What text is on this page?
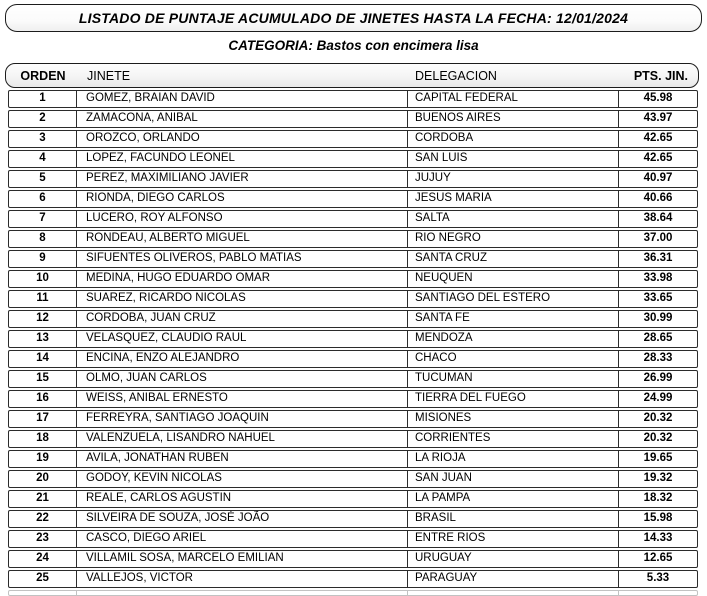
LISTADO DE PUNTAJE ACUMULADO DE JINETES HASTA LA FECHA: 12/01/2024
CATEGORIA: Bastos con encimera lisa
ORDEN	JINETE	DELEGACION	PTS. JIN.
1	GOMEZ, BRAIAN DAVID	CAPITAL FEDERAL	45.98
2	ZAMACONA, ANIBAL	BUENOS AIRES	43.97
3	OROZCO, ORLANDO	CORDOBA	42.65
4	LOPEZ, FACUNDO LEONEL	SAN LUIS	42.65
5	PEREZ, MAXIMILIANO JAVIER	JUJUY	40.97
6	RIONDA, DIEGO CARLOS	JESUS MARIA	40.66
7	LUCERO, ROY ALFONSO	SALTA	38.64
8	RONDEAU, ALBERTO MIGUEL	RIO NEGRO	37.00
9	SIFUENTES OLIVEROS, PABLO MATIAS	SANTA CRUZ	36.31
10	MEDINA, HUGO EDUARDO OMAR	NEUQUEN	33.98
11	SUAREZ, RICARDO NICOLAS	SANTIAGO DEL ESTERO	33.65
12	CORDOBA, JUAN CRUZ	SANTA FE	30.99
13	VELASQUEZ, CLAUDIO RAUL	MENDOZA	28.65
14	ENCINA, ENZO ALEJANDRO	CHACO	28.33
15	OLMO, JUAN CARLOS	TUCUMAN	26.99
16	WEISS, ANIBAL ERNESTO	TIERRA DEL FUEGO	24.99
17	FERREYRA, SANTIAGO JOAQUIN	MISIONES	20.32
18	VALENZUELA, LISANDRO NAHUEL	CORRIENTES	20.32
19	AVILA, JONATHAN RUBEN	LA RIOJA	19.65
20	GODOY, KEVIN NICOLAS	SAN JUAN	19.32
21	REALE, CARLOS AGUSTIN	LA PAMPA	18.32
22	SILVEIRA DE SOUZA, JOSÉ JOÃO	BRASIL	15.98
23	CASCO, DIEGO ARIEL	ENTRE RIOS	14.33
24	VILLAMIL SOSA, MARCELO EMILIAN	URUGUAY	12.65
25	VALLEJOS, VICTOR	PARAGUAY	5.33
